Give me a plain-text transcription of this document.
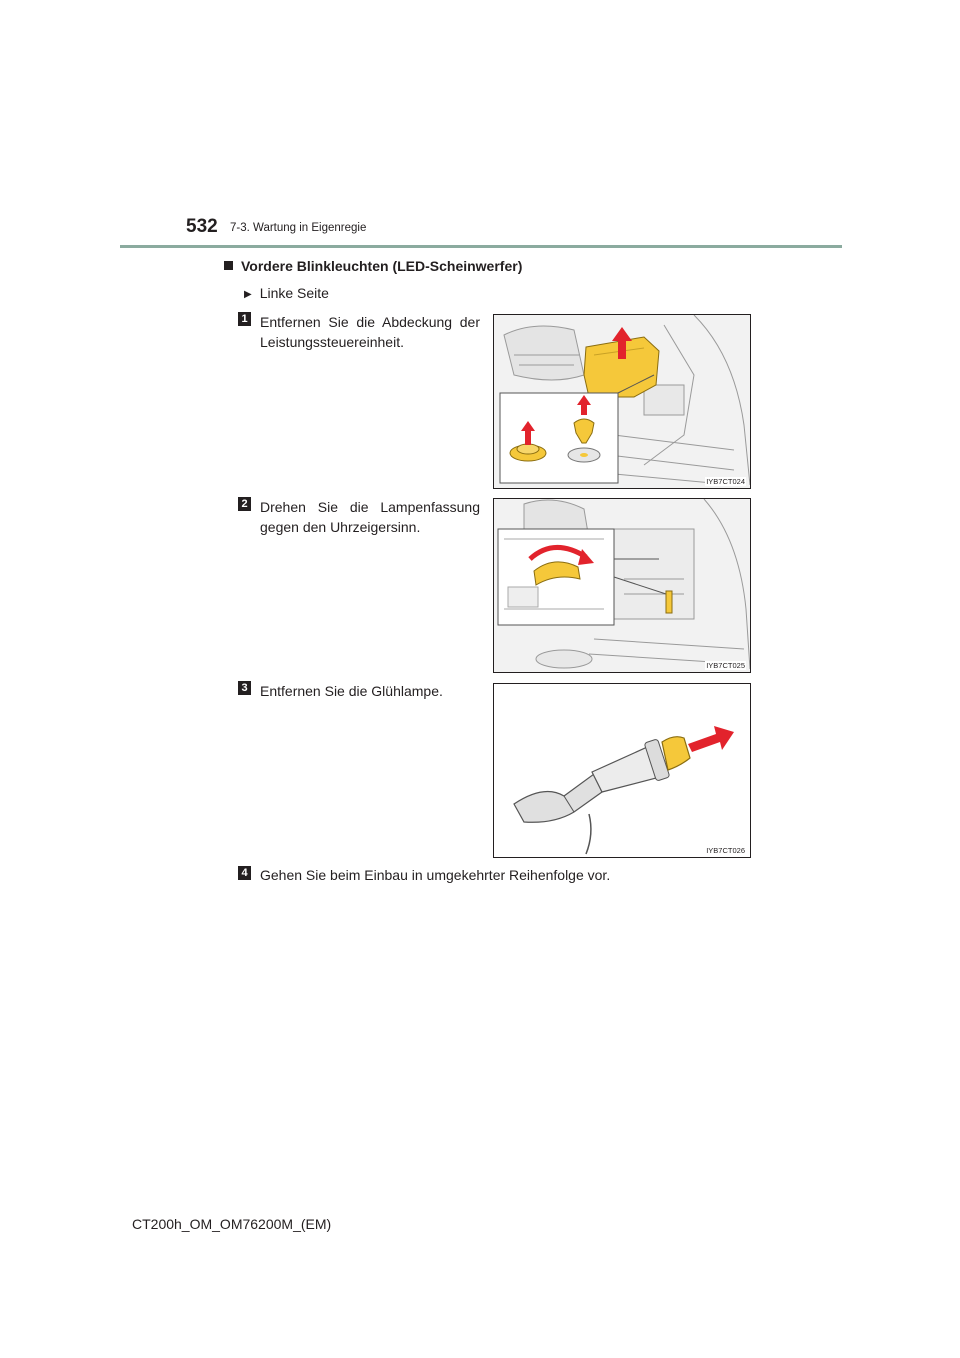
532 7-3. Wartung in Eigenregie
Vordere Blinkleuchten (LED-Scheinwerfer)
▶ Linke Seite
1 Entfernen Sie die Abdeckung der Leistungssteuereinheit.
IYB7CT024
2 Drehen Sie die Lampenfassung gegen den Uhrzeigersinn.
IYB7CT025
3 Entfernen Sie die Glühlampe.
IYB7CT026
4 Gehen Sie beim Einbau in umgekehrter Reihenfolge vor.
CT200h_OM_OM76200M_(EM)
